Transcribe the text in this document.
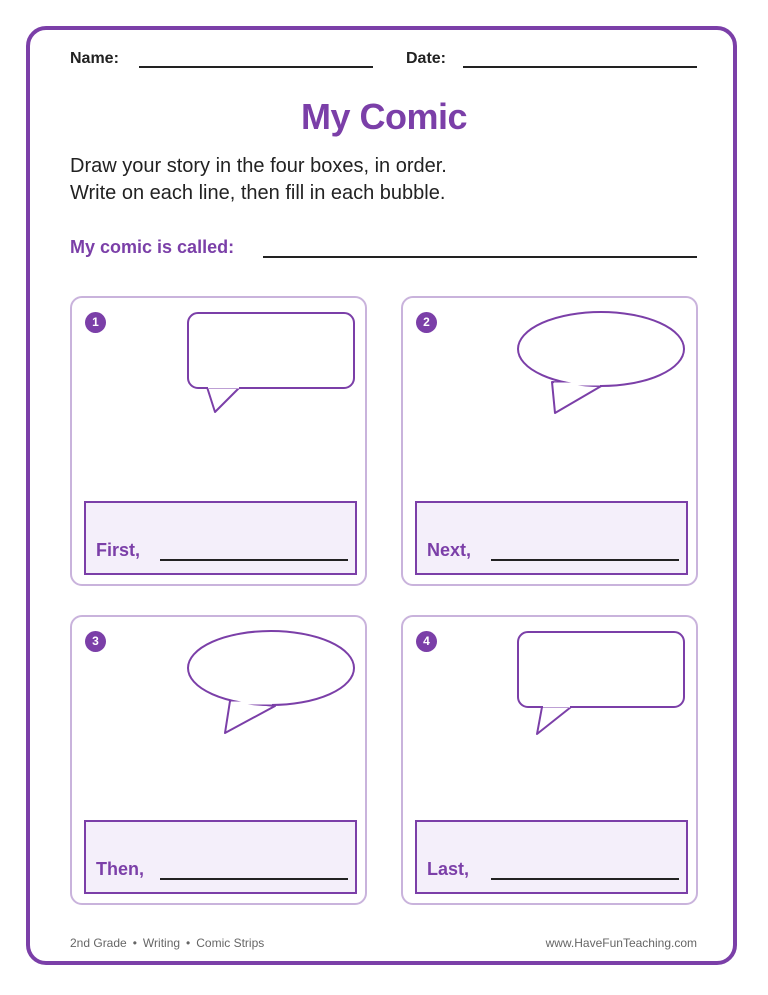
Name:	Date:
My Comic
Draw your story in the four boxes, in order.
Write on each line, then fill in each bubble.
My comic is called:
1
First,
2
Next,
3
Then,
4
Last,
2nd Grade • Writing • Comic Strips	www.HaveFunTeaching.com
